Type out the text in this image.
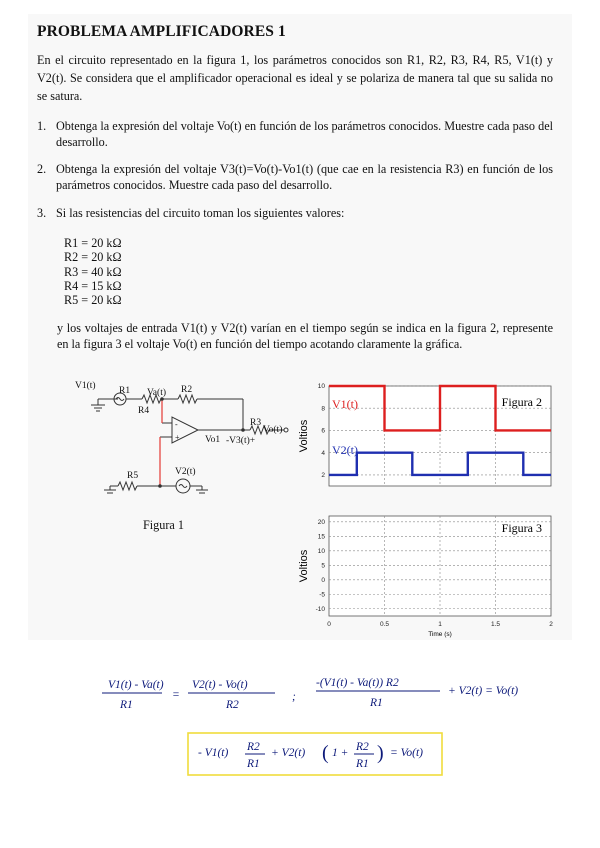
PROBLEMA AMPLIFICADORES 1
En el circuito representado en la figura 1, los parámetros conocidos son R1, R2, R3, R4, R5, V1(t) y V2(t). Se considera que el amplificador operacional es ideal y se polariza de manera tal que su salida no se satura.
1. Obtenga la expresión del voltaje Vo(t) en función de los parámetros conocidos. Muestre cada paso del desarrollo.
2. Obtenga la expresión del voltaje V3(t)=Vo(t)-Vo1(t) (que cae en la resistencia R3) en función de los parámetros conocidos. Muestre cada paso del desarrollo.
3. Si las resistencias del circuito toman los siguientes valores:
R1 = 20 kΩ
R2 = 20 kΩ
R3 = 40 kΩ
R4 = 15 kΩ
R5 = 20 kΩ
y los voltajes de entrada V1(t) y V2(t) varían en el tiempo según se indica en la figura 2, represente en la figura 3 el voltaje Vo(t) en función del tiempo acotando claramente la gráfica.
V1(t) R1 Va(t) R2
R4
R3
Vo(t)
Vo1 -V3(t)+
R5	V2(t)
-
+
Figura 1
2
4
6
8
10
Voltios
Figura 2
V1(t)
V2(t)
-10
-5
0
5
10
15
20
0	0.5	1	1.5	2
Voltios
Time (s)
Figura 3
V1(t) - Va(t)
R1
=
V2(t) - Vo(t)
R2
;
-(V1(t) - Va(t)) R2
R1
+ V2(t) = Vo(t)
- V1(t) R2
R1
+ V2(t) ( 1 + R2
R1 ) = Vo(t)
